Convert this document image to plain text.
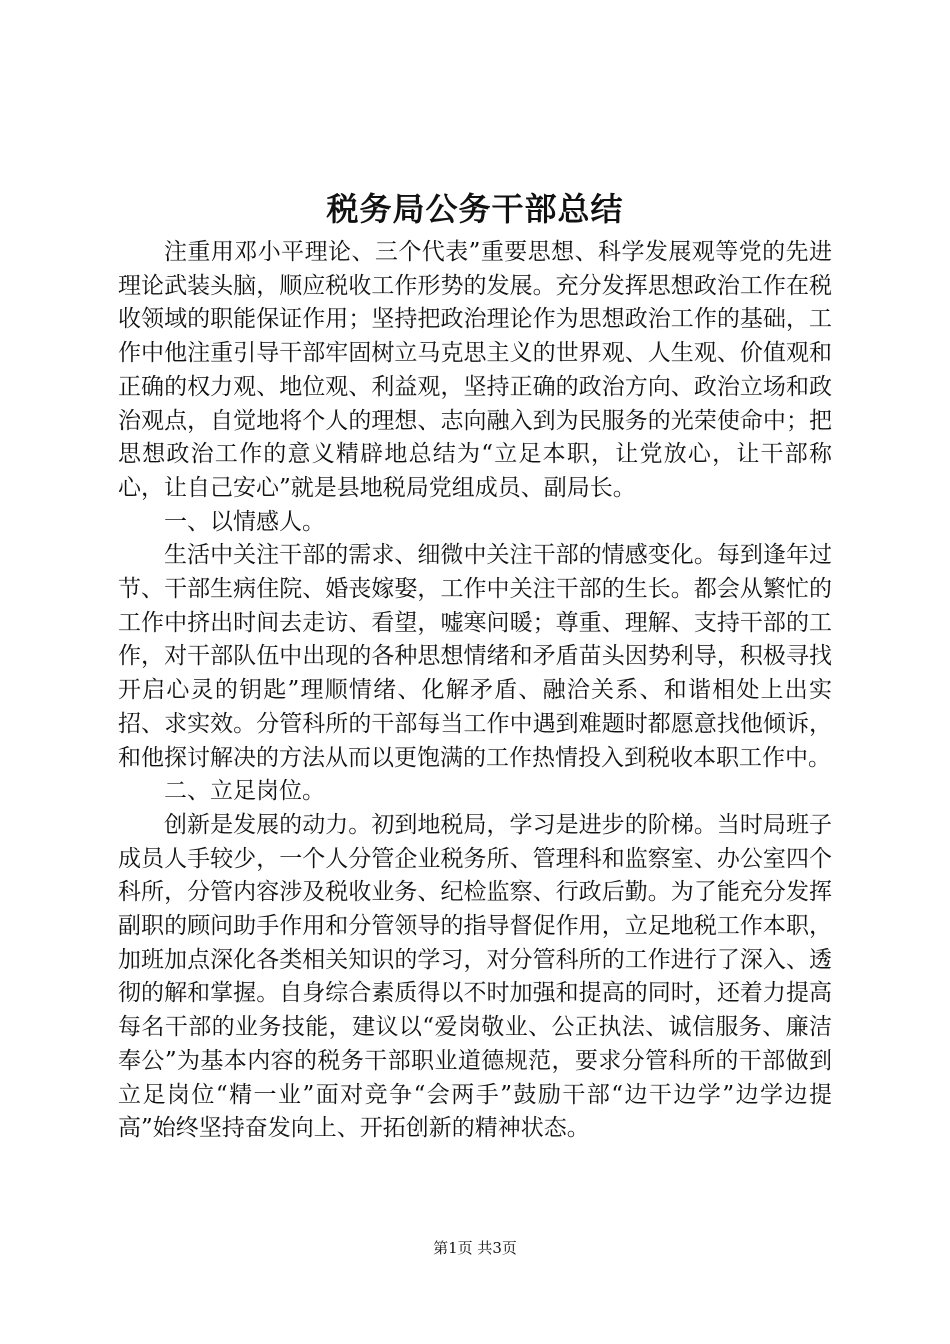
税务局公务干部总结

注重用邓小平理论、三个代表”重要思想、科学发展观等党的先进理论武装头脑，顺应税收工作形势的发展。充分发挥思想政治工作在税收领域的职能保证作用；坚持把政治理论作为思想政治工作的基础，工作中他注重引导干部牢固树立马克思主义的世界观、人生观、价值观和正确的权力观、地位观、利益观，坚持正确的政治方向、政治立场和政治观点，自觉地将个人的理想、志向融入到为民服务的光荣使命中；把思想政治工作的意义精辟地总结为“立足本职，让党放心，让干部称心，让自己安心”就是县地税局党组成员、副局长。

一、以情感人。

生活中关注干部的需求、细微中关注干部的情感变化。每到逢年过节、干部生病住院、婚丧嫁娶，工作中关注干部的生长。都会从繁忙的工作中挤出时间去走访、看望，嘘寒问暖；尊重、理解、支持干部的工作，对干部队伍中出现的各种思想情绪和矛盾苗头因势利导，积极寻找开启心灵的钥匙”理顺情绪、化解矛盾、融洽关系、和谐相处上出实招、求实效。分管科所的干部每当工作中遇到难题时都愿意找他倾诉，和他探讨解决的方法从而以更饱满的工作热情投入到税收本职工作中。

二、立足岗位。

创新是发展的动力。初到地税局，学习是进步的阶梯。当时局班子成员人手较少，一个人分管企业税务所、管理科和监察室、办公室四个科所，分管内容涉及税收业务、纪检监察、行政后勤。为了能充分发挥副职的顾问助手作用和分管领导的指导督促作用，立足地税工作本职，加班加点深化各类相关知识的学习，对分管科所的工作进行了深入、透彻的解和掌握。自身综合素质得以不时加强和提高的同时，还着力提高每名干部的业务技能，建议以“爱岗敬业、公正执法、诚信服务、廉洁奉公”为基本内容的税务干部职业道德规范，要求分管科所的干部做到立足岗位“精一业”面对竞争“会两手”鼓励干部“边干边学”边学边提高”始终坚持奋发向上、开拓创新的精神状态。

第1页 共3页
